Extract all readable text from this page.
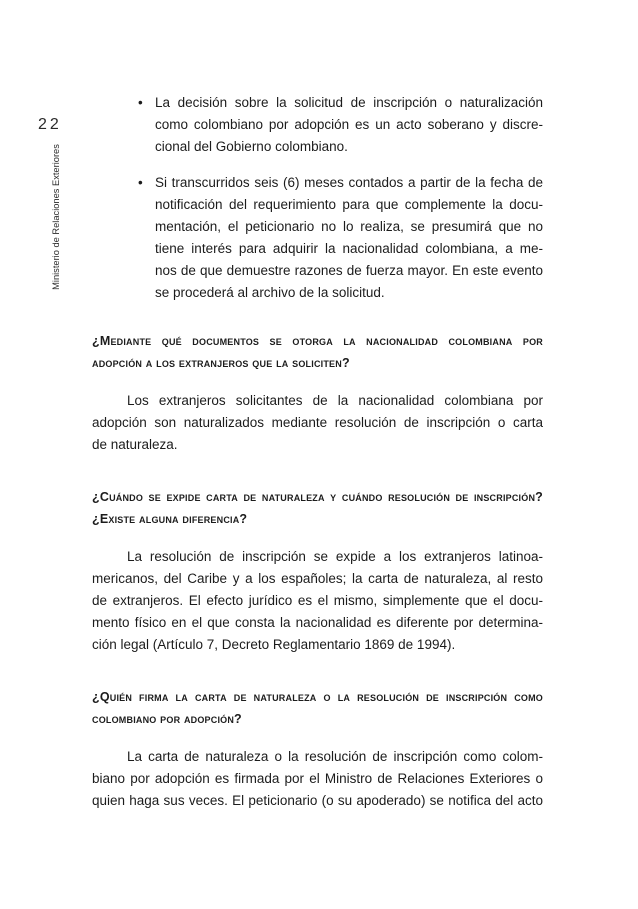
22
Ministerio de Relaciones Exteriores
• La decisión sobre la solicitud de inscripción o naturalización
como colombiano por adopción es un acto soberano y discre-
cional del Gobierno colombiano.
• Si transcurridos seis (6) meses contados a partir de la fecha de
notificación del requerimiento para que complemente la docu-
mentación, el peticionario no lo realiza, se presumirá que no
tiene interés para adquirir la nacionalidad colombiana, a me-
nos de que demuestre razones de fuerza mayor. En este evento
se procederá al archivo de la solicitud.
¿Mediante qué documentos se otorga la nacionalidad colombiana por
adopción a los extranjeros que la soliciten?
Los extranjeros solicitantes de la nacionalidad colombiana por
adopción son naturalizados mediante resolución de inscripción o carta
de naturaleza.
¿Cuándo se expide carta de naturaleza y cuándo resolución de inscripción?
¿Existe alguna diferencia?
La resolución de inscripción se expide a los extranjeros latinoa-
mericanos, del Caribe y a los españoles; la carta de naturaleza, al resto
de extranjeros. El efecto jurídico es el mismo, simplemente que el docu-
mento físico en el que consta la nacionalidad es diferente por determina-
ción legal (Artículo 7, Decreto Reglamentario 1869 de 1994).
¿Quién firma la carta de naturaleza o la resolución de inscripción como
colombiano por adopción?
La carta de naturaleza o la resolución de inscripción como colom-
biano por adopción es firmada por el Ministro de Relaciones Exteriores o
quien haga sus veces. El peticionario (o su apoderado) se notifica del acto
